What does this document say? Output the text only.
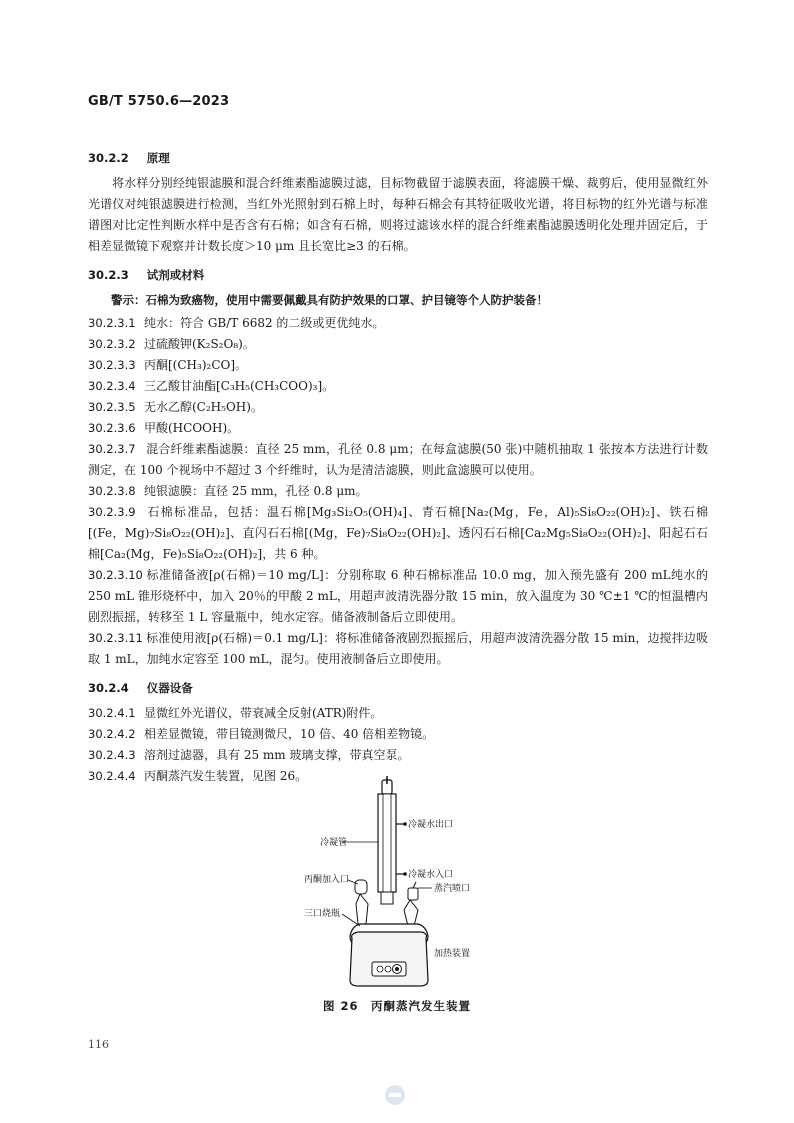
GB/T 5750.6—2023
30.2.2 原理

将水样分别经纯银滤膜和混合纤维素酯滤膜过滤，目标物截留于滤膜表面，将滤膜干燥、裁剪后，使用显微红外光谱仪对纯银滤膜进行检测，当红外光照射到石棉上时，每种石棉会有其特征吸收光谱，将目标物的红外光谱与标准谱图对比定性判断水样中是否含有石棉；如含有石棉，则将过滤该水样的混合纤维素酯滤膜透明化处理并固定后，于相差显微镜下观察并计数长度＞10 μm 且长宽比≥3 的石棉。

30.2.3 试剂或材料
警示：石棉为致癌物，使用中需要佩戴具有防护效果的口罩、护目镜等个人防护装备！
30.2.3.1 纯水：符合 GB/T 6682 的二级或更优纯水。
30.2.3.2 过硫酸钾(K₂S₂O₈)。
30.2.3.3 丙酮[(CH₃)₂CO]。
30.2.3.4 三乙酸甘油酯[C₃H₅(CH₃COO)₃]。
30.2.3.5 无水乙醇(C₂H₅OH)。
30.2.3.6 甲酸(HCOOH)。
30.2.3.7 混合纤维素酯滤膜：直径 25 mm，孔径 0.8 μm；在每盒滤膜(50 张)中随机抽取 1 张按本方法进行计数测定，在 100 个视场中不超过 3 个纤维时，认为是清洁滤膜，则此盒滤膜可以使用。
30.2.3.8 纯银滤膜：直径 25 mm，孔径 0.8 μm。
30.2.3.9 石棉标准品，包括：温石棉[Mg₃Si₂O₅(OH)₄]、青石棉[Na₂(Mg，Fe，Al)₅Si₈O₂₂(OH)₂]、铁石棉[(Fe，Mg)₇Si₈O₂₂(OH)₂]、直闪石石棉[(Mg，Fe)₇Si₈O₂₂(OH)₂]、透闪石石棉[Ca₂Mg₅Si₈O₂₂(OH)₂]、阳起石石棉[Ca₂(Mg，Fe)₅Si₈O₂₂(OH)₂]，共 6 种。
30.2.3.10 标准储备液[ρ(石棉)＝10 mg/L]：分别称取 6 种石棉标准品 10.0 mg，加入预先盛有 200 mL纯水的 250 mL 锥形烧杯中，加入 20％的甲酸 2 mL，用超声波清洗器分散 15 min，放入温度为 30 ℃±1 ℃的恒温槽内剧烈振摇，转移至 1 L 容量瓶中，纯水定容。储备液制备后立即使用。
30.2.3.11 标准使用液[ρ(石棉)＝0.1 mg/L]：将标准储备液剧烈振摇后，用超声波清洗器分散 15 min，边搅拌边吸取 1 mL，加纯水定容至 100 mL，混匀。使用液制备后立即使用。
30.2.4 仪器设备
30.2.4.1 显微红外光谱仪，带衰减全反射(ATR)附件。
30.2.4.2 相差显微镜，带目镜测微尺，10 倍、40 倍相差物镜。
30.2.4.3 溶剂过滤器，具有 25 mm 玻璃支撑，带真空泵。
30.2.4.4 丙酮蒸汽发生装置，见图 26。
冷凝水出口
冷凝管
冷凝水入口
丙酮加入口
蒸汽喷口
三口烧瓶
加热装置
图 26　丙酮蒸汽发生装置
116
